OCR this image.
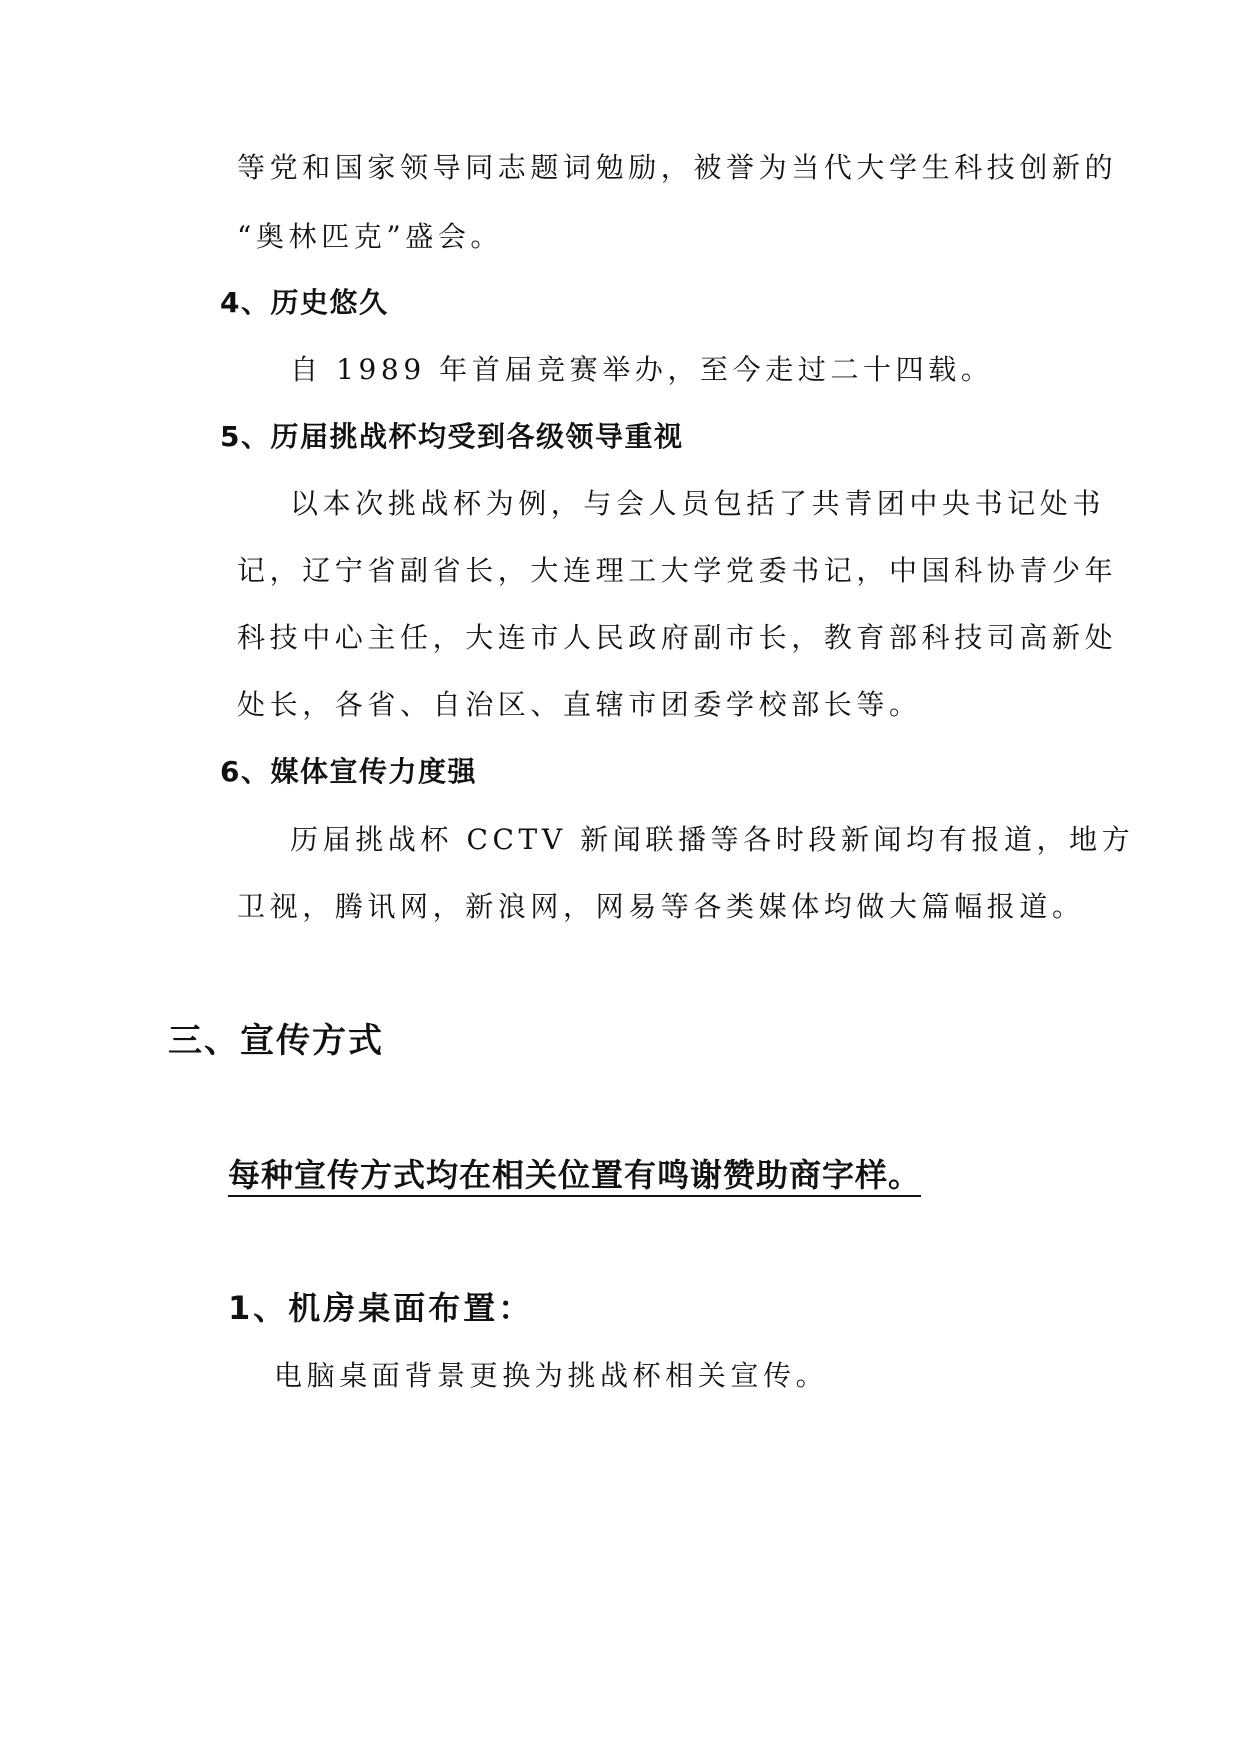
等党和国家领导同志题词勉励，被誉为当代大学生科技创新的
“奥林匹克”盛会。
4、历史悠久
自 1989 年首届竞赛举办，至今走过二十四载。
5、历届挑战杯均受到各级领导重视
以本次挑战杯为例，与会人员包括了共青团中央书记处书
记，辽宁省副省长，大连理工大学党委书记，中国科协青少年
科技中心主任，大连市人民政府副市长，教育部科技司高新处
处长，各省、自治区、直辖市团委学校部长等。
6、媒体宣传力度强
历届挑战杯 CCTV 新闻联播等各时段新闻均有报道，地方
卫视，腾讯网，新浪网，网易等各类媒体均做大篇幅报道。
三、宣传方式
每种宣传方式均在相关位置有鸣谢赞助商字样。
1、机房桌面布置：
电脑桌面背景更换为挑战杯相关宣传。
